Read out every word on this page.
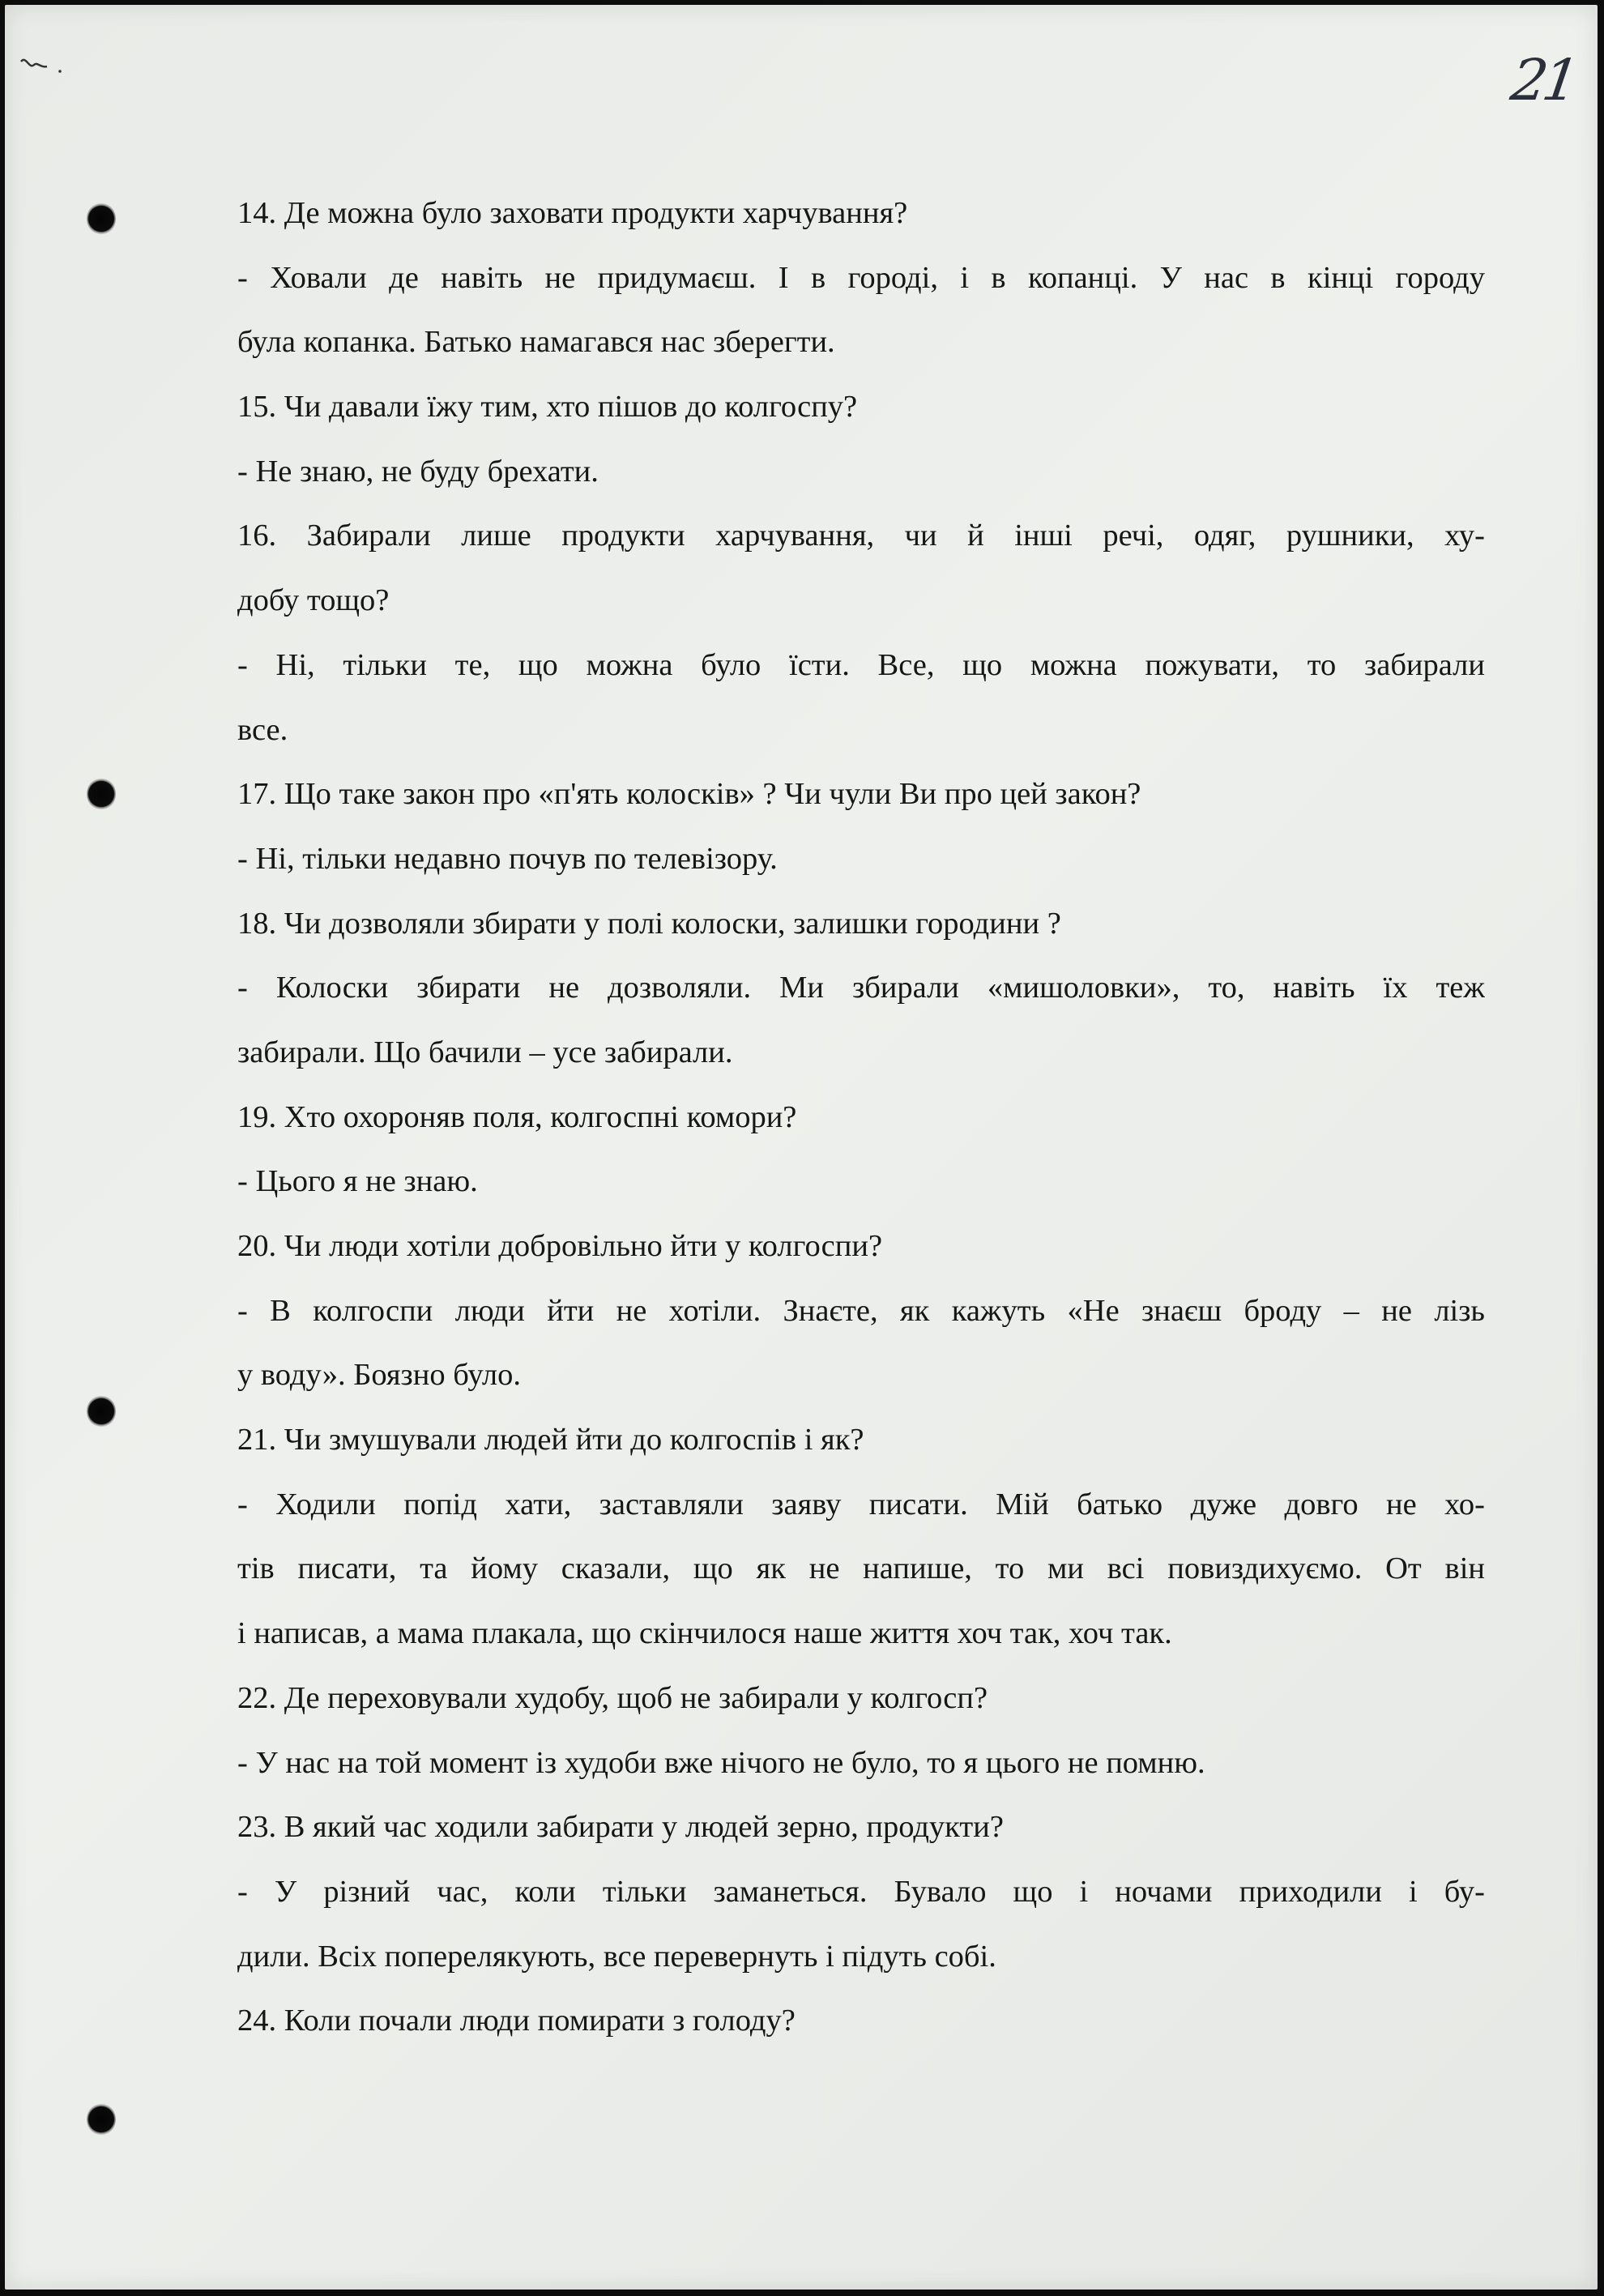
21
14. Де можна було заховати продукти харчування?
- Ховали де навіть не придумаєш. І в городі, і в копанці. У нас в кінці городу
була копанка. Батько намагався нас зберегти.
15. Чи давали їжу тим, хто пішов до колгоспу?
- Не знаю, не буду брехати.
16. Забирали лише продукти харчування, чи й інші речі, одяг, рушники, ху-
добу тощо?
- Ні, тільки те, що можна було їсти. Все, що можна пожувати, то забирали
все.
17. Що таке закон про «п'ять колосків» ? Чи чули Ви про цей закон?
- Ні, тільки недавно почув по телевізору.
18. Чи дозволяли збирати у полі колоски, залишки городини ?
- Колоски збирати не дозволяли. Ми збирали «мишоловки», то, навіть їх теж
забирали. Що бачили – усе забирали.
19. Хто охороняв поля, колгоспні комори?
- Цього я не знаю.
20. Чи люди хотіли добровільно йти у колгоспи?
- В колгоспи люди йти не хотіли. Знаєте, як кажуть «Не знаєш броду – не лізь
у воду». Боязно було.
21. Чи змушували людей йти до колгоспів і як?
- Ходили попід хати, заставляли заяву писати. Мій батько дуже довго не хо-
тів писати, та йому сказали, що як не напише, то ми всі повиздихуємо. От він
і написав, а мама плакала, що скінчилося наше життя хоч так, хоч так.
22. Де переховували худобу, щоб не забирали у колгосп?
- У нас на той момент із худоби вже нічого не було, то я цього не помню.
23. В який час ходили забирати у людей зерно, продукти?
- У різний час, коли тільки заманеться. Бувало що і ночами приходили і бу-
дили. Всіх поперелякують, все перевернуть і підуть собі.
24. Коли почали люди помирати з голоду?
